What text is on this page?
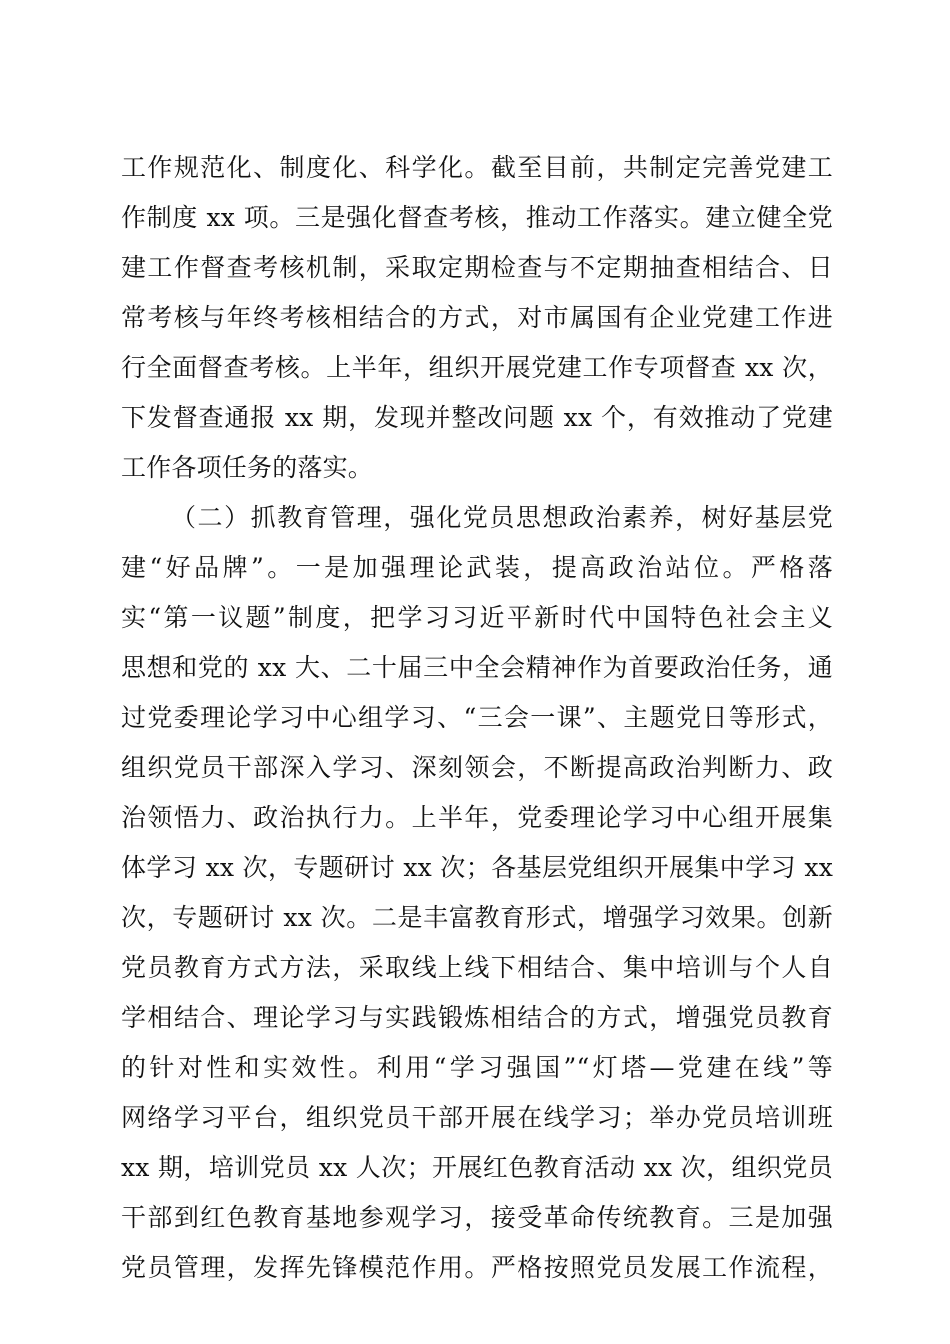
工作规范化、制度化、科学化。截至目前，共制定完善党建工
作制度 xx 项。三是强化督查考核，推动工作落实。建立健全党
建工作督查考核机制，采取定期检查与不定期抽查相结合、日
常考核与年终考核相结合的方式，对市属国有企业党建工作进
行全面督查考核。上半年，组织开展党建工作专项督查 xx 次，
下发督查通报 xx 期，发现并整改问题 xx 个，有效推动了党建
工作各项任务的落实。
（二）抓教育管理，强化党员思想政治素养，树好基层党
建“好品牌”。一是加强理论武装，提高政治站位。严格落
实“第一议题”制度，把学习习近平新时代中国特色社会主义
思想和党的 xx 大、二十届三中全会精神作为首要政治任务，通
过党委理论学习中心组学习、“三会一课”、主题党日等形式，
组织党员干部深入学习、深刻领会，不断提高政治判断力、政
治领悟力、政治执行力。上半年，党委理论学习中心组开展集
体学习 xx 次，专题研讨 xx 次；各基层党组织开展集中学习 xx
次，专题研讨 xx 次。二是丰富教育形式，增强学习效果。创新
党员教育方式方法，采取线上线下相结合、集中培训与个人自
学相结合、理论学习与实践锻炼相结合的方式，增强党员教育
的针对性和实效性。利用“学习强国”“灯塔—党建在线”等
网络学习平台，组织党员干部开展在线学习；举办党员培训班
xx 期，培训党员 xx 人次；开展红色教育活动 xx 次，组织党员
干部到红色教育基地参观学习，接受革命传统教育。三是加强
党员管理，发挥先锋模范作用。严格按照党员发展工作流程，
